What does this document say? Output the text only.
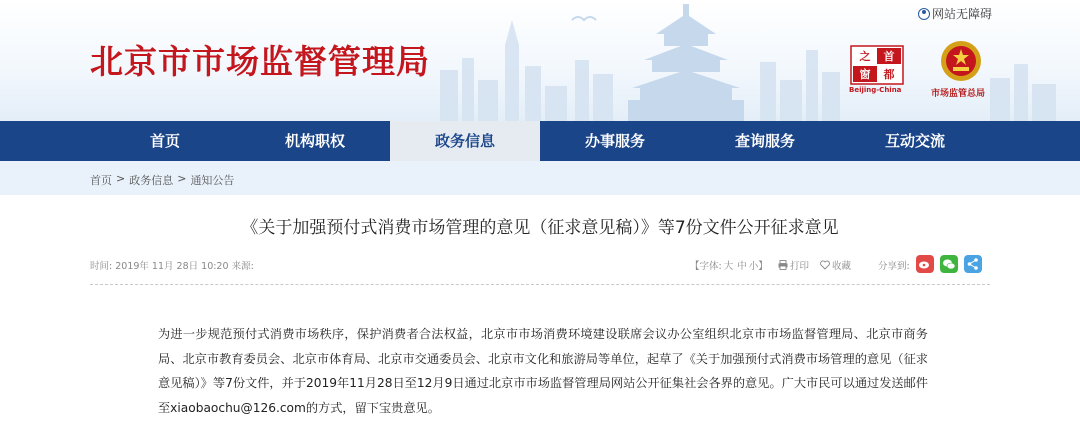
北京市市场监督管理局
网站无障碍
首
都
之
窗
Beijing-China	市场监管总局
首页	机构职权	政务信息	办事服务	查询服务	互动交流
首页 > 政务信息 > 通知公告
《关于加强预付式消费市场管理的意见（征求意见稿）》等7份文件公开征求意见
时间: 2019年 11月 28日 10:20 来源:	【字体: 大 中 小】	打印	收藏	分享到:

为进一步规范预付式消费市场秩序，保护消费者合法权益，北京市市场消费环境建设联席会议办公室组织北京市市场监督管理局、北京市商务局、北京市教育委员会、北京市体育局、北京市交通委员会、北京市文化和旅游局等单位，起草了《关于加强预付式消费市场管理的意见（征求意见稿）》等7份文件，并于2019年11月28日至12月9日通过北京市市场监督管理局网站公开征集社会各界的意见。广大市民可以通过发送邮件至xiaobaochu@126.com的方式，留下宝贵意见。
